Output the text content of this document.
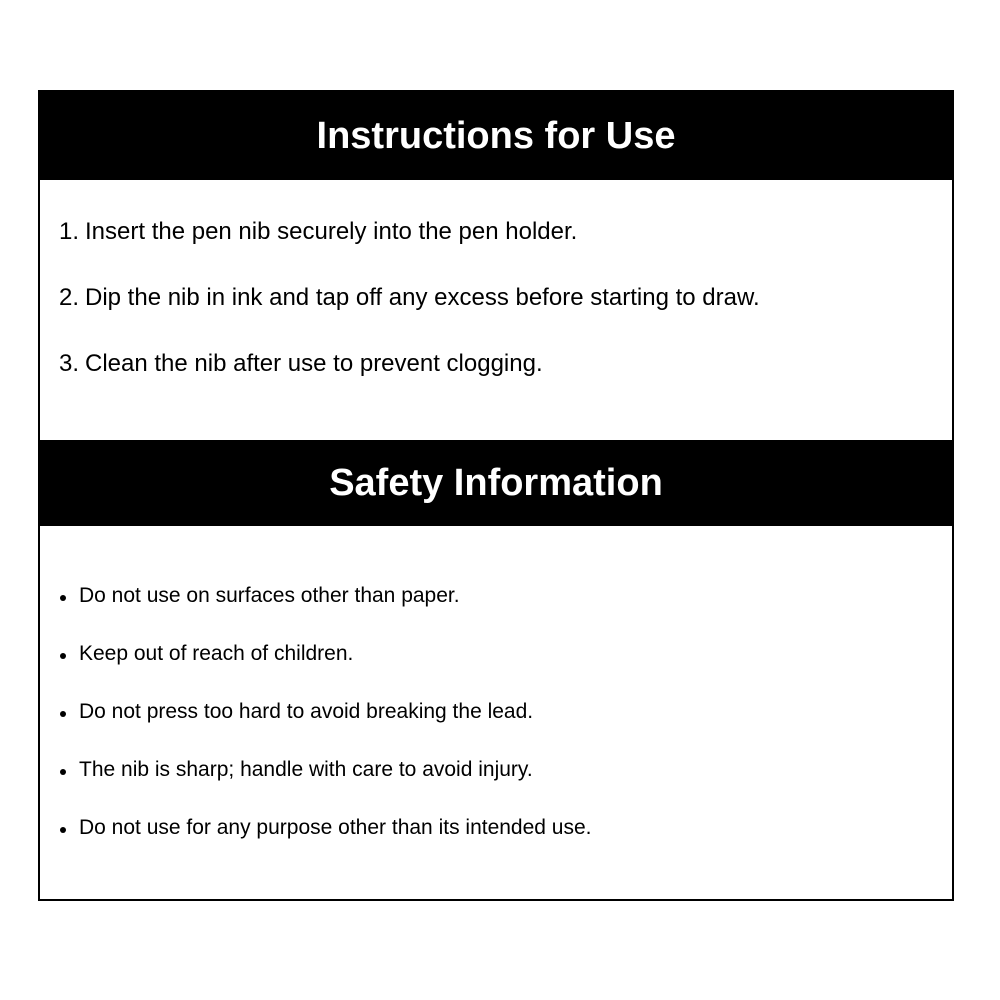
Instructions for Use
1. Insert the pen nib securely into the pen holder.
2. Dip the nib in ink and tap off any excess before starting to draw.
3. Clean the nib after use to prevent clogging.
Safety Information
Do not use on surfaces other than paper.
Keep out of reach of children.
Do not press too hard to avoid breaking the lead.
The nib is sharp; handle with care to avoid injury.
Do not use for any purpose other than its intended use.
